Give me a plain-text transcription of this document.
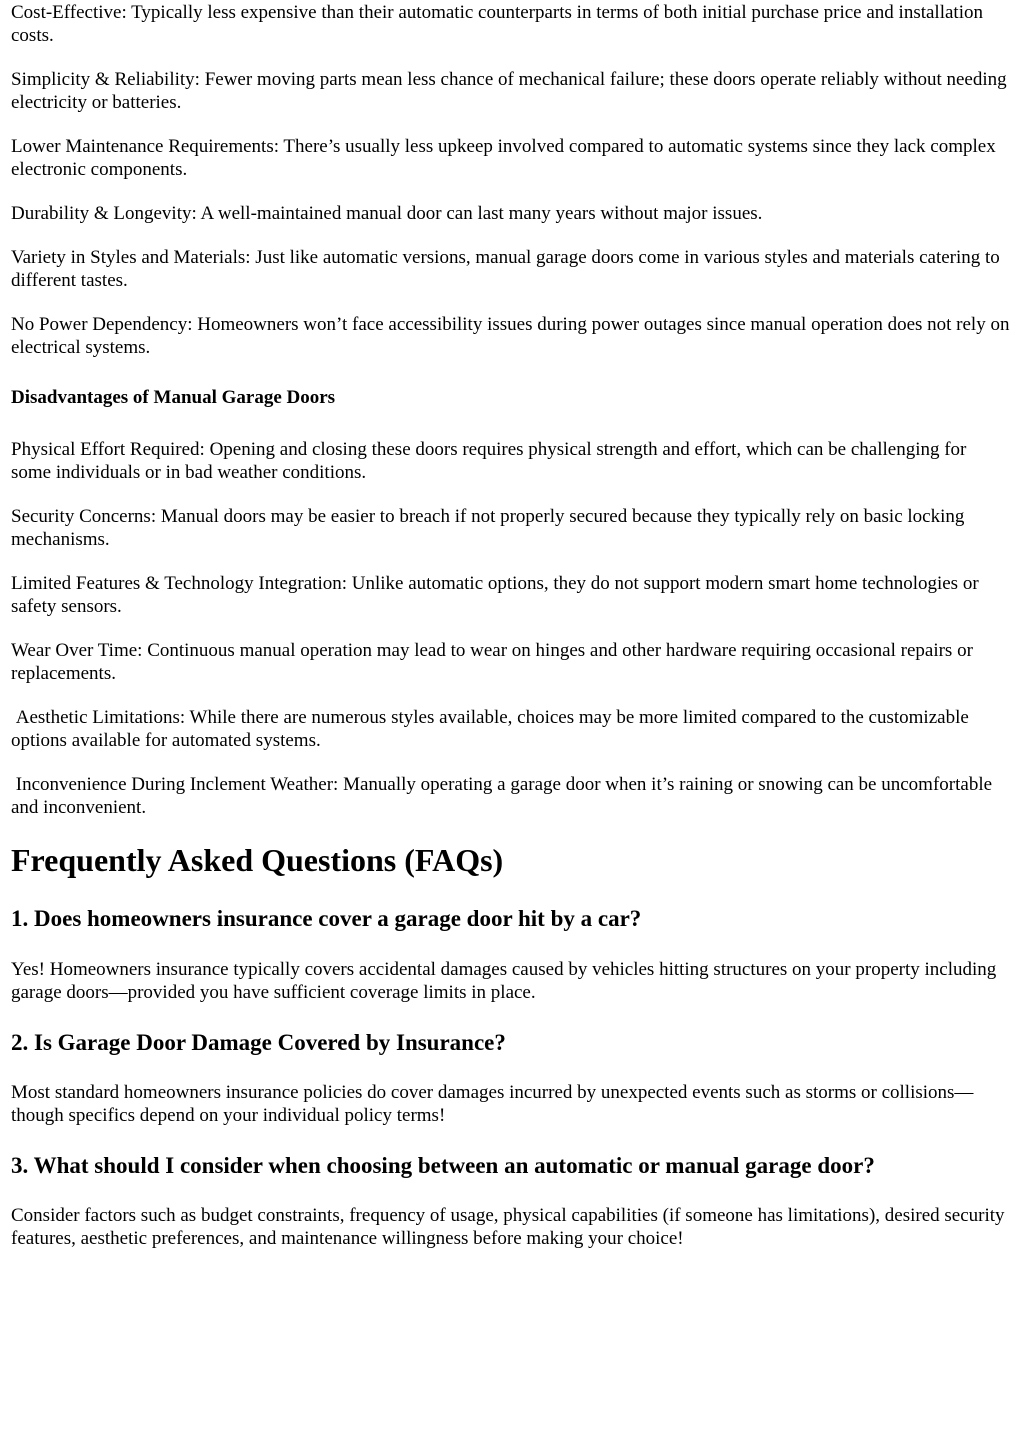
Cost-Effective: Typically less expensive than their automatic counterparts in terms of both initial purchase price and installation costs.

Simplicity & Reliability: Fewer moving parts mean less chance of mechanical failure; these doors operate reliably without needing electricity or batteries.

Lower Maintenance Requirements: There’s usually less upkeep involved compared to automatic systems since they lack complex electronic components.

Durability & Longevity: A well-maintained manual door can last many years without major issues.

Variety in Styles and Materials: Just like automatic versions, manual garage doors come in various styles and materials catering to different tastes.

No Power Dependency: Homeowners won’t face accessibility issues during power outages since manual operation does not rely on electrical systems.

Disadvantages of Manual Garage Doors

Physical Effort Required: Opening and closing these doors requires physical strength and effort, which can be challenging for some individuals or in bad weather conditions.

Security Concerns: Manual doors may be easier to breach if not properly secured because they typically rely on basic locking mechanisms.

Limited Features & Technology Integration: Unlike automatic options, they do not support modern smart home technologies or safety sensors.

Wear Over Time: Continuous manual operation may lead to wear on hinges and other hardware requiring occasional repairs or replacements.

Aesthetic Limitations: While there are numerous styles available, choices may be more limited compared to the customizable options available for automated systems.

Inconvenience During Inclement Weather: Manually operating a garage door when it’s raining or snowing can be uncomfortable and inconvenient.

Frequently Asked Questions (FAQs)
1. Does homeowners insurance cover a garage door hit by a car?

Yes! Homeowners insurance typically covers accidental damages caused by vehicles hitting structures on your property including garage doors—provided you have sufficient coverage limits in place.

2. Is Garage Door Damage Covered by Insurance?

Most standard homeowners insurance policies do cover damages incurred by unexpected events such as storms or collisions—though specifics depend on your individual policy terms!

3. What should I consider when choosing between an automatic or manual garage door?

Consider factors such as budget constraints, frequency of usage, physical capabilities (if someone has limitations), desired security features, aesthetic preferences, and maintenance willingness before making your choice!
